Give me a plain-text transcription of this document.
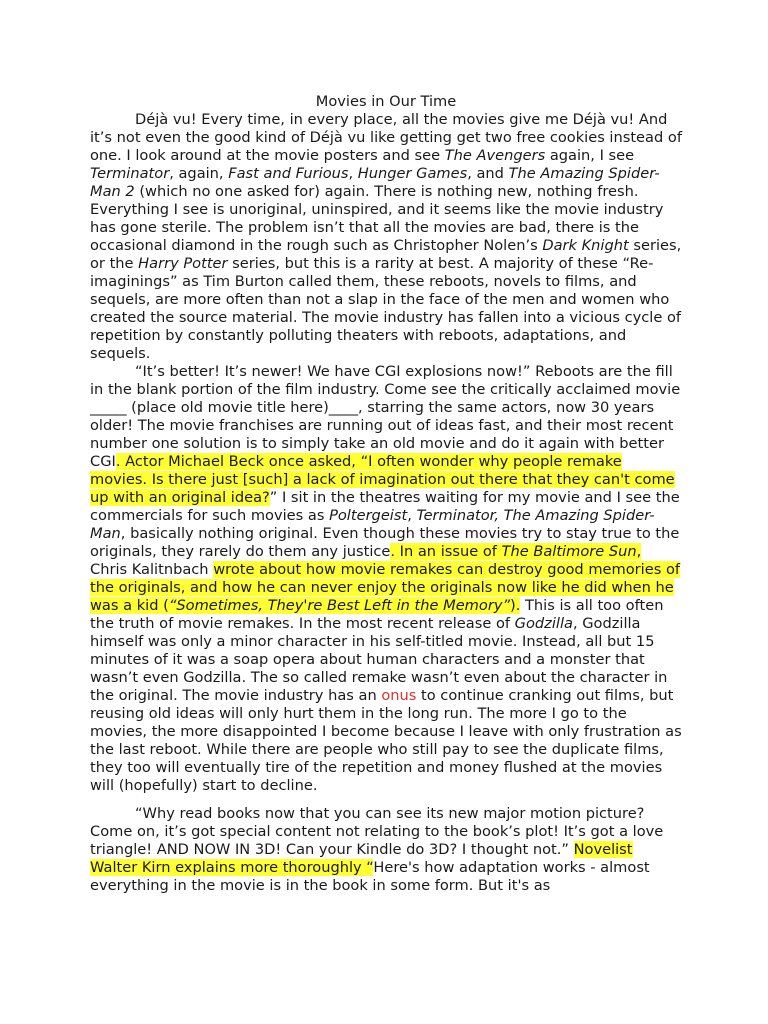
Movies in Our Time

Déjà vu! Every time, in every place, all the movies give me Déjà vu! And it’s not even the good kind of Déjà vu like getting get two free cookies instead of one. I look around at the movie posters and see The Avengers again, I see Terminator, again, Fast and Furious, Hunger Games, and The Amazing Spider-Man 2 (which no one asked for) again. There is nothing new, nothing fresh. Everything I see is unoriginal, uninspired, and it seems like the movie industry has gone sterile. The problem isn’t that all the movies are bad, there is the occasional diamond in the rough such as Christopher Nolen’s Dark Knight series, or the Harry Potter series, but this is a rarity at best. A majority of these “Re-imaginings” as Tim Burton called them, these reboots, novels to films, and sequels, are more often than not a slap in the face of the men and women who created the source material. The movie industry has fallen into a vicious cycle of repetition by constantly polluting theaters with reboots, adaptations, and sequels.

“It’s better! It’s newer! We have CGI explosions now!” Reboots are the fill in the blank portion of the film industry. Come see the critically acclaimed movie _____ (place old movie title here)____, starring the same actors, now 30 years older! The movie franchises are running out of ideas fast, and their most recent number one solution is to simply take an old movie and do it again with better CGI. Actor Michael Beck once asked, “I often wonder why people remake movies. Is there just [such] a lack of imagination out there that they can't come up with an original idea?” I sit in the theatres waiting for my movie and I see the commercials for such movies as Poltergeist, Terminator, The Amazing Spider-Man, basically nothing original. Even though these movies try to stay true to the originals, they rarely do them any justice. In an issue of The Baltimore Sun, Chris Kalitnbach wrote about how movie remakes can destroy good memories of the originals, and how he can never enjoy the originals now like he did when he was a kid (“Sometimes, They're Best Left in the Memory”). This is all too often the truth of movie remakes. In the most recent release of Godzilla, Godzilla himself was only a minor character in his self-titled movie. Instead, all but 15 minutes of it was a soap opera about human characters and a monster that wasn’t even Godzilla. The so called remake wasn’t even about the character in the original. The movie industry has an onus to continue cranking out films, but reusing old ideas will only hurt them in the long run. The more I go to the movies, the more disappointed I become because I leave with only frustration as the last reboot. While there are people who still pay to see the duplicate films, they too will eventually tire of the repetition and money flushed at the movies will (hopefully) start to decline.

“Why read books now that you can see its new major motion picture? Come on, it’s got special content not relating to the book’s plot! It’s got a love triangle! AND NOW IN 3D! Can your Kindle do 3D? I thought not.” Novelist Walter Kirn explains more thoroughly “Here's how adaptation works - almost everything in the movie is in the book in some form. But it's as
